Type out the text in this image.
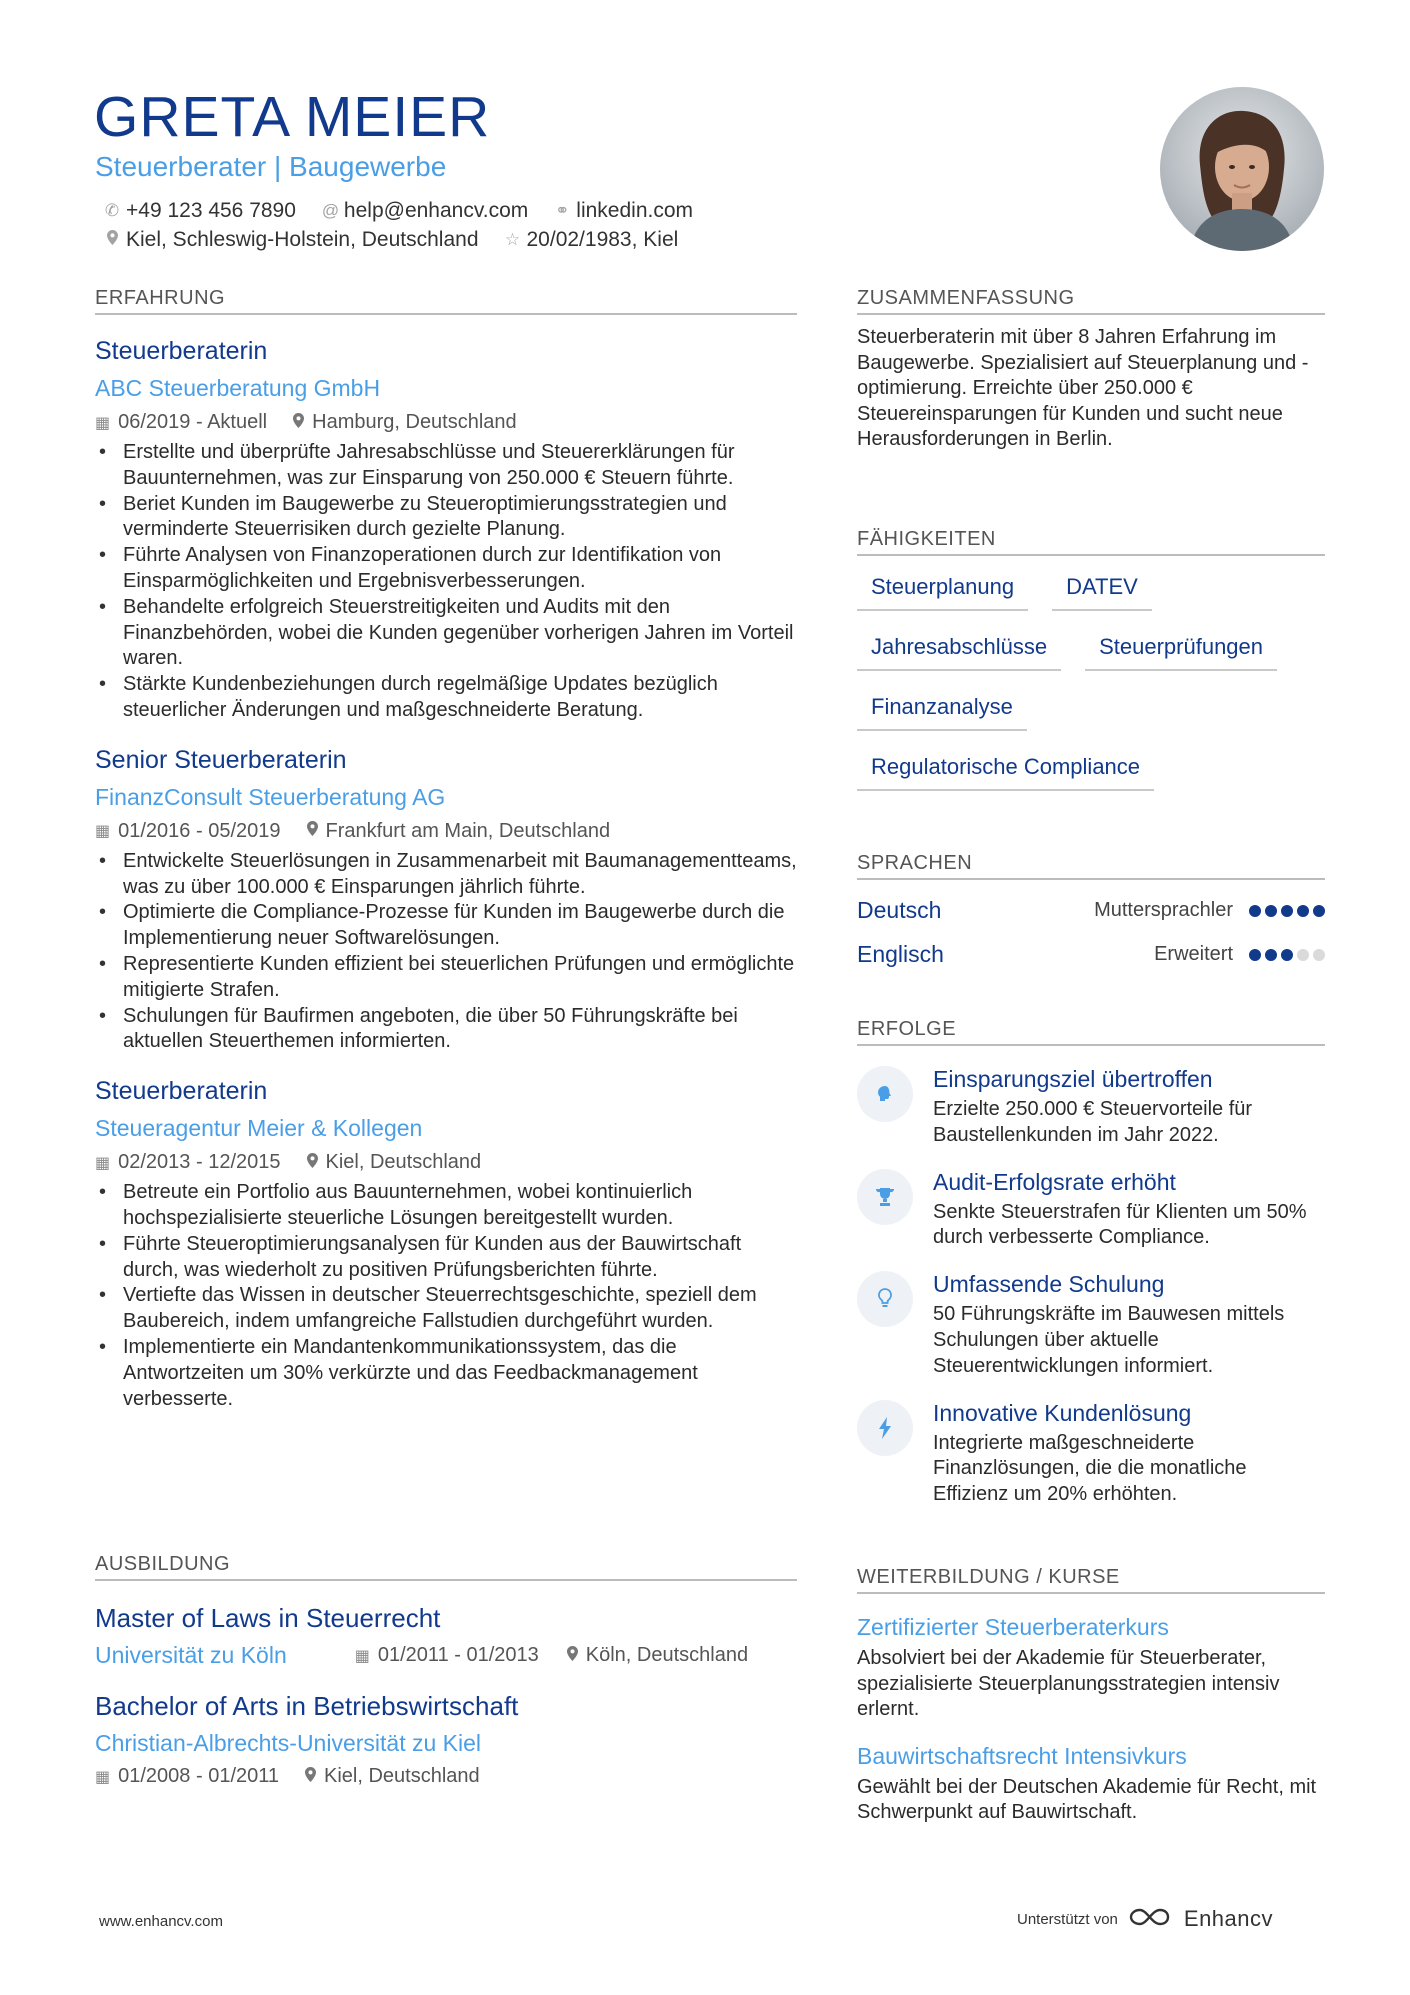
GRETA MEIER
Steuerberater | Baugewerbe
✆ +49 123 456 7890 @ help@enhancv.com ⚭ linkedin.com
Kiel, Schleswig-Holstein, Deutschland ☆ 20/02/1983, Kiel
ERFAHRUNG
Steuerberaterin
ABC Steuerberatung GmbH
▦ 06/2019 - Aktuell Hamburg, Deutschland
• Erstellte und überprüfte Jahresabschlüsse und Steuererklärungen für Bauunternehmen, was zur Einsparung von 250.000 € Steuern führte.
• Beriet Kunden im Baugewerbe zu Steueroptimierungsstrategien und verminderte Steuerrisiken durch gezielte Planung.
• Führte Analysen von Finanzoperationen durch zur Identifikation von Einsparmöglichkeiten und Ergebnisverbesserungen.
• Behandelte erfolgreich Steuerstreitigkeiten und Audits mit den Finanzbehörden, wobei die Kunden gegenüber vorherigen Jahren im Vorteil waren.
• Stärkte Kundenbeziehungen durch regelmäßige Updates bezüglich steuerlicher Änderungen und maßgeschneiderte Beratung.
Senior Steuerberaterin
FinanzConsult Steuerberatung AG
▦ 01/2016 - 05/2019 Frankfurt am Main, Deutschland
• Entwickelte Steuerlösungen in Zusammenarbeit mit Baumanagementteams, was zu über 100.000 € Einsparungen jährlich führte.
• Optimierte die Compliance-Prozesse für Kunden im Baugewerbe durch die Implementierung neuer Softwarelösungen.
• Representierte Kunden effizient bei steuerlichen Prüfungen und ermöglichte mitigierte Strafen.
• Schulungen für Baufirmen angeboten, die über 50 Führungskräfte bei aktuellen Steuerthemen informierten.
Steuerberaterin
Steueragentur Meier & Kollegen
▦ 02/2013 - 12/2015 Kiel, Deutschland
• Betreute ein Portfolio aus Bauunternehmen, wobei kontinuierlich hochspezialisierte steuerliche Lösungen bereitgestellt wurden.
• Führte Steueroptimierungsanalysen für Kunden aus der Bauwirtschaft durch, was wiederholt zu positiven Prüfungsberichten führte.
• Vertiefte das Wissen in deutscher Steuerrechtsgeschichte, speziell dem Baubereich, indem umfangreiche Fallstudien durchgeführt wurden.
• Implementierte ein Mandantenkommunikationssystem, das die Antwortzeiten um 30% verkürzte und das Feedbackmanagement verbesserte.
AUSBILDUNG
Master of Laws in Steuerrecht
Universität zu Köln	▦ 01/2011 - 01/2013 Köln, Deutschland
Bachelor of Arts in Betriebswirtschaft
Christian-Albrechts-Universität zu Kiel
▦ 01/2008 - 01/2011 Kiel, Deutschland
ZUSAMMENFASSUNG
Steuerberaterin mit über 8 Jahren Erfahrung im Baugewerbe. Spezialisiert auf Steuerplanung und -optimierung. Erreichte über 250.000 € Steuereinsparungen für Kunden und sucht neue Herausforderungen in Berlin.
FÄHIGKEITEN
Steuerplanung	DATEV
Jahresabschlüsse	Steuerprüfungen
Finanzanalyse
Regulatorische Compliance
SPRACHEN
Deutsch	Muttersprachler
Englisch	Erweitert
ERFOLGE
Einsparungsziel übertroffen
Erzielte 250.000 € Steuervorteile für Baustellenkunden im Jahr 2022.
Audit-Erfolgsrate erhöht
Senkte Steuerstrafen für Klienten um 50% durch verbesserte Compliance.
Umfassende Schulung
50 Führungskräfte im Bauwesen mittels Schulungen über aktuelle Steuerentwicklungen informiert.
Innovative Kundenlösung
Integrierte maßgeschneiderte Finanzlösungen, die die monatliche Effizienz um 20% erhöhten.
WEITERBILDUNG / KURSE
Zertifizierter Steuerberaterkurs
Absolviert bei der Akademie für Steuerberater, spezialisierte Steuerplanungsstrategien intensiv erlernt.
Bauwirtschaftsrecht Intensivkurs
Gewählt bei der Deutschen Akademie für Recht, mit Schwerpunkt auf Bauwirtschaft.
www.enhancv.com	Unterstützt von	Enhancv
